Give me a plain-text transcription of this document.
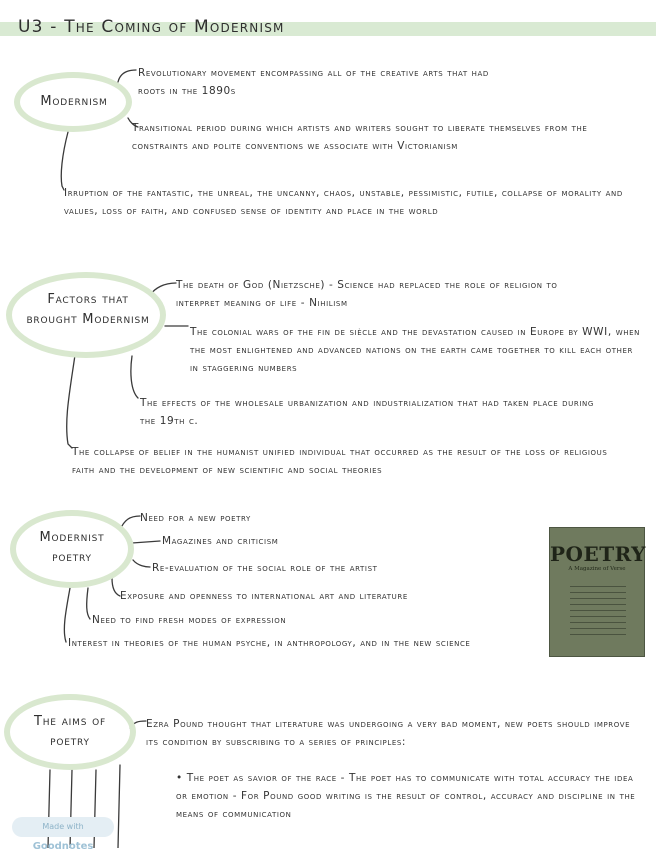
U3 - The Coming of Modernism
Modernism
Revolutionary movement encompassing all of the creative arts that had roots in the 1890s
Transitional period during which artists and writers sought to liberate themselves from the constraints and polite conventions we associate with Victorianism
Irruption of the fantastic, the unreal, the uncanny, chaos, unstable, pessimistic, futile, collapse of morality and values, loss of faith, and confused sense of identity and place in the world
Factors that
brought Modernism
The death of God (Nietzsche) - Science had replaced the role of religion to interpret meaning of life - Nihilism
The colonial wars of the fin de siècle and the devastation caused in Europe by WWI, when the most enlightened and advanced nations on the earth came together to kill each other in staggering numbers
The effects of the wholesale urbanization and industrialization that had taken place during the 19th c.
The collapse of belief in the humanist unified individual that occurred as the result of the loss of religious faith and the development of new scientific and social theories
Modernist
poetry
Need for a new poetry
Magazines and criticism
Re-evaluation of the social role of the artist
Exposure and openness to international art and literature
Need to find fresh modes of expression
Interest in theories of the human psyche, in anthropology, and in the new science
POETRY
A Magazine of Verse
The aims of
poetry
Ezra Pound thought that literature was undergoing a very bad moment, new poets should improve its condition by subscribing to a series of principles:
• The poet as savior of the race - The poet has to communicate with total accuracy the idea or emotion - For Pound good writing is the result of control, accuracy and discipline in the means of communication
Made with Goodnotes
